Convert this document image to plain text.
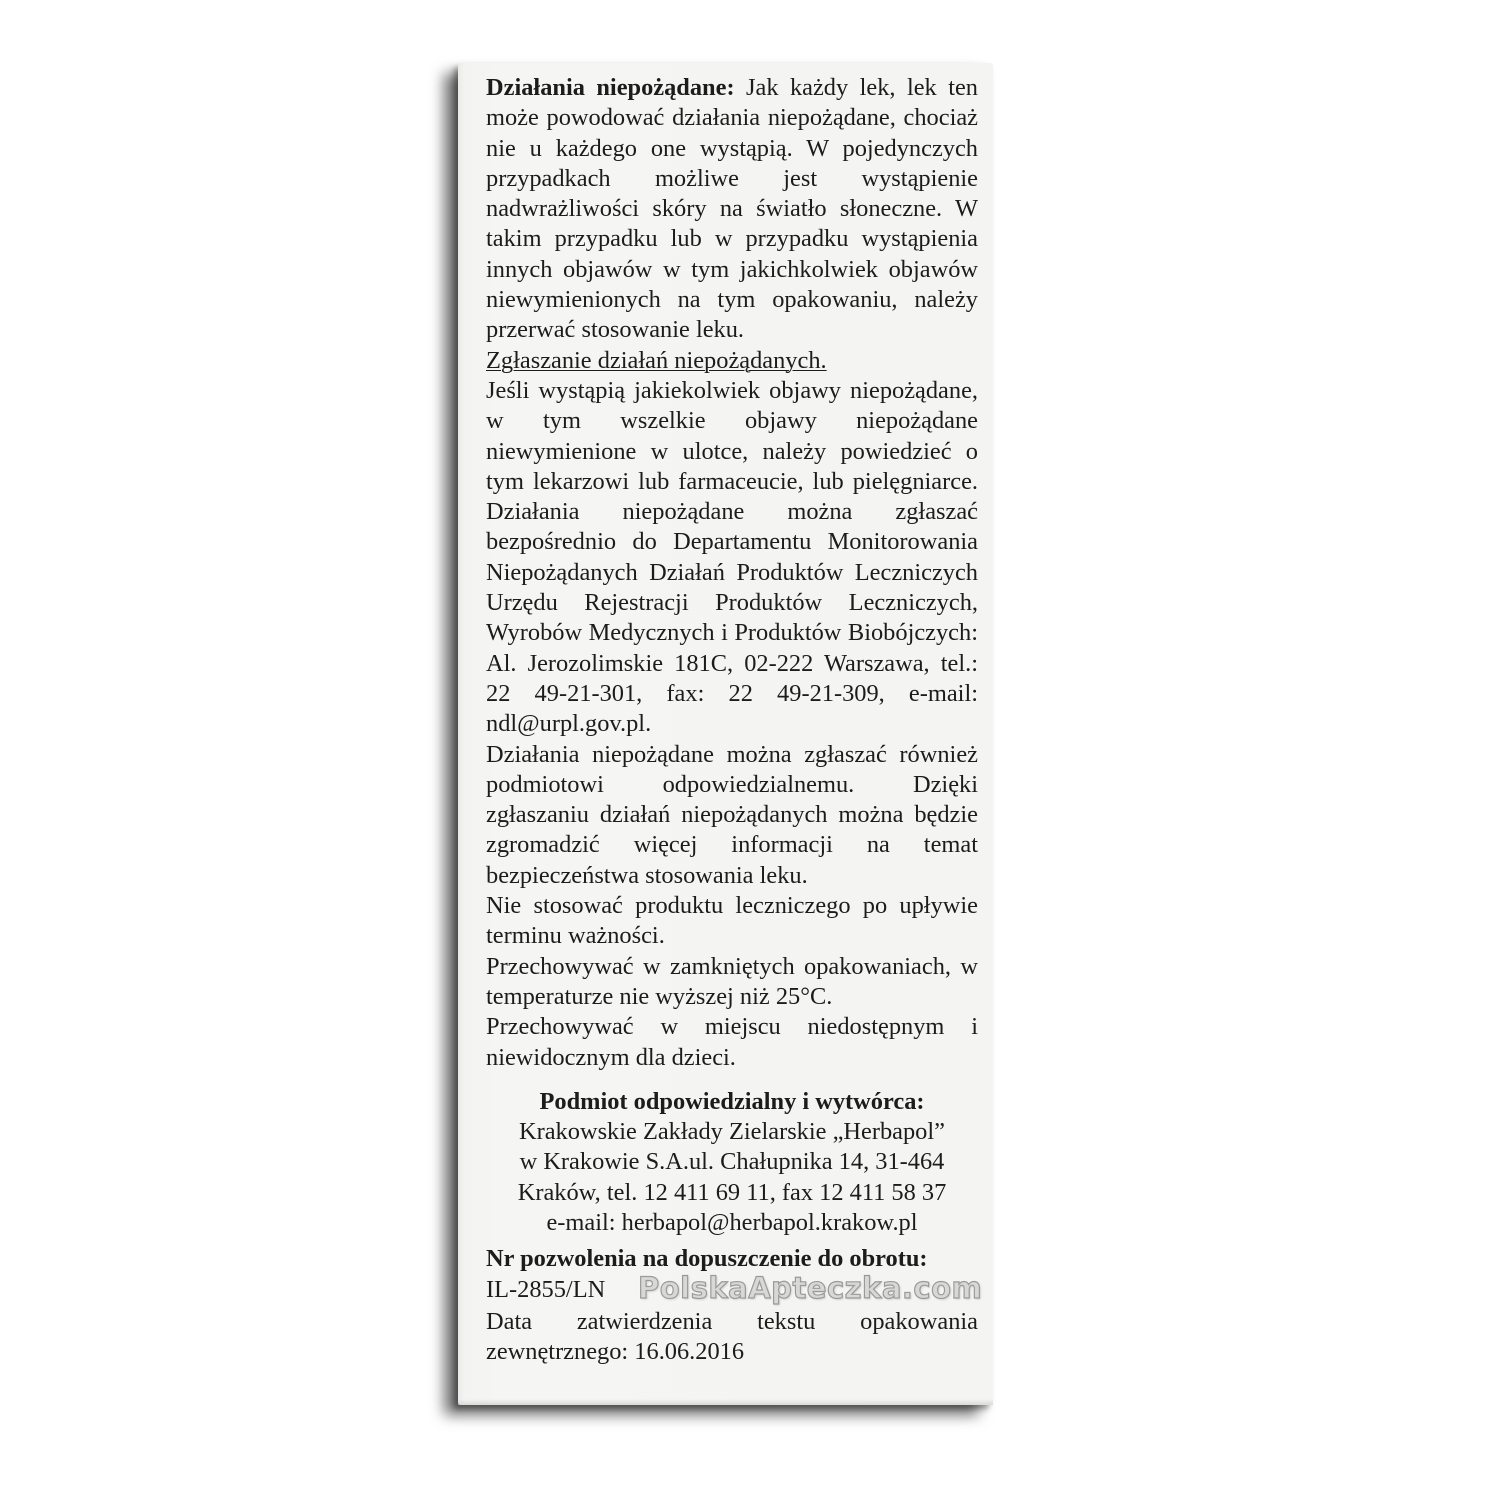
Działania niepożądane: Jak każdy lek, lek ten może powodować działania niepożądane, chociaż nie u każdego one wystąpią. W pojedynczych przypadkach możliwe jest wystąpienie nadwrażliwości skóry na światło słoneczne. W takim przypadku lub w przypadku wystąpienia innych objawów w tym jakichkolwiek objawów niewymienionych na tym opakowaniu, należy przerwać stosowanie leku.

Zgłaszanie działań niepożądanych.

Jeśli wystąpią jakiekolwiek objawy niepożądane, w tym wszelkie objawy niepożądane niewymienione w ulotce, należy powiedzieć o tym lekarzowi lub farmaceucie, lub pielęgniarce. Działania niepożądane można zgłaszać bezpośrednio do Departamentu Monitorowania Niepożądanych Działań Produktów Leczniczych Urzędu Rejestracji Produktów Leczniczych, Wyrobów Medycznych i Produktów Biobójczych: Al. Jerozolimskie 181C, 02-222 Warszawa, tel.: 22 49-21-301, fax: 22 49-21-309, e-mail: ndl@urpl.gov.pl.

Działania niepożądane można zgłaszać również podmiotowi odpowiedzialnemu. Dzięki zgłaszaniu działań niepożądanych można będzie zgromadzić więcej informacji na temat bezpieczeństwa stosowania leku.

Nie stosować produktu leczniczego po upływie terminu ważności.

Przechowywać w zamkniętych opakowaniach, w temperaturze nie wyższej niż 25°C.

Przechowywać w miejscu niedostępnym i niewidocznym dla dzieci.

Podmiot odpowiedzialny i wytwórca:
Krakowskie Zakłady Zielarskie „Herbapol”
w Krakowie S.A.ul. Chałupnika 14, 31-464
Kraków, tel. 12 411 69 11, fax 12 411 58 37
e-mail: herbapol@herbapol.krakow.pl
Nr pozwolenia na dopuszczenie do obrotu:
IL-2855/LN PolskaApteczka.com

Data zatwierdzenia tekstu opakowania zewnętrznego: 16.06.2016
